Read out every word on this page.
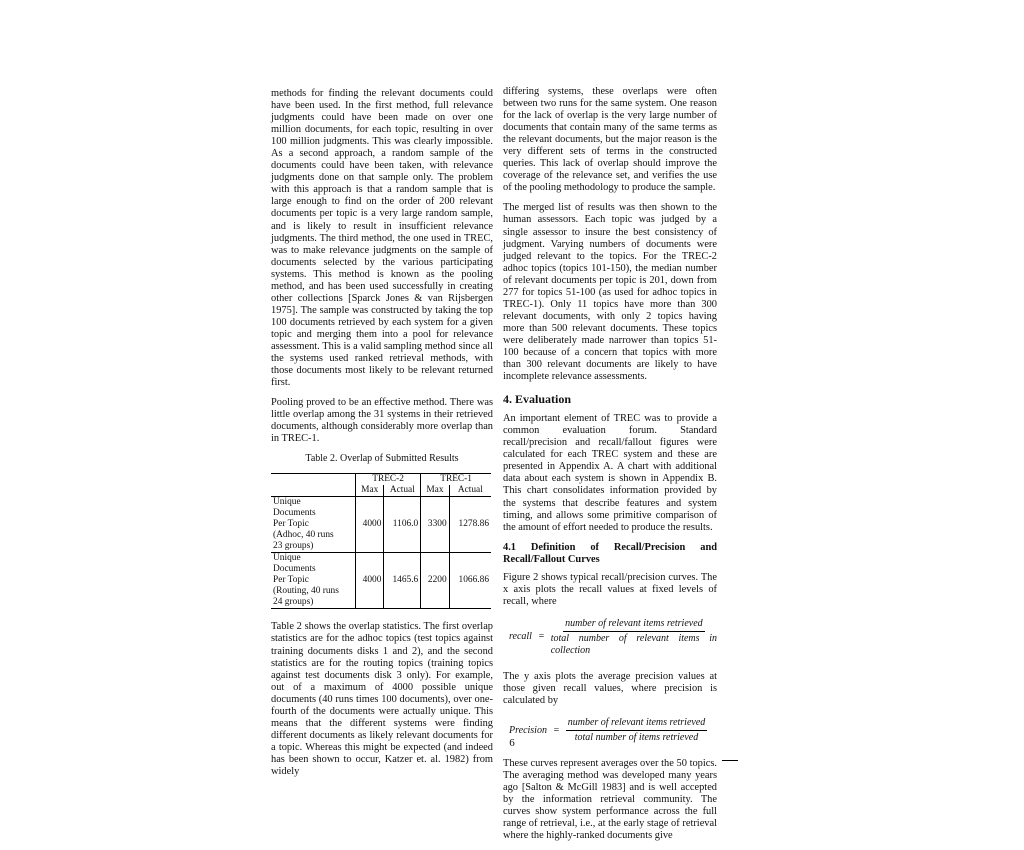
methods for finding the relevant documents could have been used. In the first method, full relevance judgments could have been made on over one million documents, for each topic, resulting in over 100 million judgments. This was clearly impossible. As a second approach, a random sample of the documents could have been taken, with relevance judgments done on that sample only. The problem with this approach is that a random sample that is large enough to find on the order of 200 relevant documents per topic is a very large random sample, and is likely to result in insufficient relevance judgments. The third method, the one used in TREC, was to make relevance judgments on the sample of documents selected by the various participating systems. This method is known as the pooling method, and has been used successfully in creating other collections [Sparck Jones & van Rijsbergen 1975]. The sample was constructed by taking the top 100 documents retrieved by each system for a given topic and merging them into a pool for relevance assessment. This is a valid sampling method since all the systems used ranked retrieval methods, with those documents most likely to be relevant returned first.

Pooling proved to be an effective method. There was little overlap among the 31 systems in their retrieved documents, although considerably more overlap than in TREC-1.

Table 2. Overlap of Submitted Results
	TREC-2		TREC-1	
	Max	Actual	Max	Actual

Unique
Documents
Per Topic
(Adhoc, 40 runs
23 groups)	4000	1106.0	3300	1278.86

Unique
Documents
Per Topic
(Routing, 40 runs
24 groups)	4000	1465.6	2200	1066.86

Table 2 shows the overlap statistics. The first overlap statistics are for the adhoc topics (test topics against training documents disks 1 and 2), and the second statistics are for the routing topics (training topics against test documents disk 3 only). For example, out of a maximum of 4000 possible unique documents (40 runs times 100 documents), over one-fourth of the documents were actually unique. This means that the different systems were finding different documents as likely relevant documents for a topic. Whereas this might be expected (and indeed has been shown to occur, Katzer et. al. 1982) from widely

differing systems, these overlaps were often between two runs for the same system. One reason for the lack of overlap is the very large number of documents that contain many of the same terms as the relevant documents, but the major reason is the very different sets of terms in the constructed queries. This lack of overlap should improve the coverage of the relevance set, and verifies the use of the pooling methodology to produce the sample.

The merged list of results was then shown to the human assessors. Each topic was judged by a single assessor to insure the best consistency of judgment. Varying numbers of documents were judged relevant to the topics. For the TREC-2 adhoc topics (topics 101-150), the median number of relevant documents per topic is 201, down from 277 for topics 51-100 (as used for adhoc topics in TREC-1). Only 11 topics have more than 300 relevant documents, with only 2 topics having more than 500 relevant documents. These topics were deliberately made narrower than topics 51-100 because of a concern that topics with more than 300 relevant documents are likely to have incomplete relevance assessments.

4. Evaluation

An important element of TREC was to provide a common evaluation forum. Standard recall/precision and recall/fallout figures were calculated for each TREC system and these are presented in Appendix A. A chart with additional data about each system is shown in Appendix B. This chart consolidates information provided by the systems that describe features and system timing, and allows some primitive comparison of the amount of effort needed to produce the results.

4.1 Definition of Recall/Precision and Recall/Fallout Curves

Figure 2 shows typical recall/precision curves. The x axis plots the recall values at fixed levels of recall, where

recall = $\frac{\text{number of relevant items retrieved}}{\text{total number of relevant items in collection}}$

The y axis plots the average precision values at those given recall values, where precision is calculated by

Precision = $\frac{\text{number of relevant items retrieved}}{\text{total number of items retrieved}}$

These curves represent averages over the 50 topics. The averaging method was developed many years ago [Salton & McGill 1983] and is well accepted by the information retrieval community. The curves show system performance across the full range of retrieval, i.e., at the early stage of retrieval where the highly-ranked documents give

6
